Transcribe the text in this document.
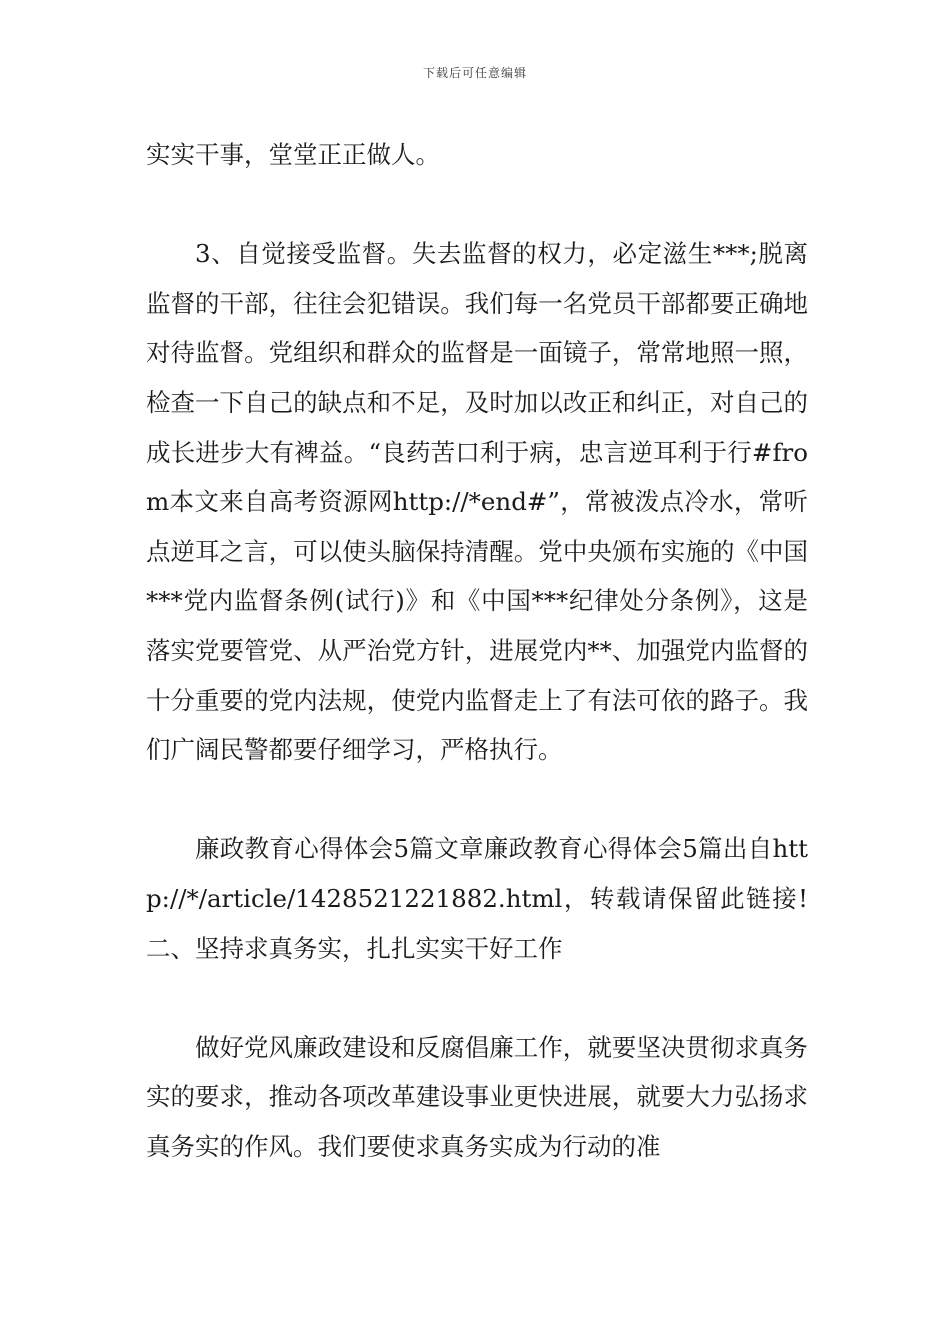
下载后可任意编辑

实实干事，堂堂正正做人。

3、自觉接受监督。失去监督的权力，必定滋生***;脱离监督的干部，往往会犯错误。我们每一名党员干部都要正确地对待监督。党组织和群众的监督是一面镜子，常常地照一照，检查一下自己的缺点和不足，及时加以改正和纠正，对自己的成长进步大有裨益。“良药苦口利于病，忠言逆耳利于行#from本文来自高考资源网http://*end#”，常被泼点冷水，常听点逆耳之言，可以使头脑保持清醒。党中央颁布实施的《中国***党内监督条例(试行)》和《中国***纪律处分条例》，这是落实党要管党、从严治党方针，进展党内**、加强党内监督的十分重要的党内法规，使党内监督走上了有法可依的路子。我们广阔民警都要仔细学习，严格执行。

廉政教育心得体会5篇文章廉政教育心得体会5篇出自http://*/article/1428521221882.html，转载请保留此链接!二、坚持求真务实，扎扎实实干好工作

做好党风廉政建设和反腐倡廉工作，就要坚决贯彻求真务实的要求，推动各项改革建设事业更快进展，就要大力弘扬求真务实的作风。我们要使求真务实成为行动的准
